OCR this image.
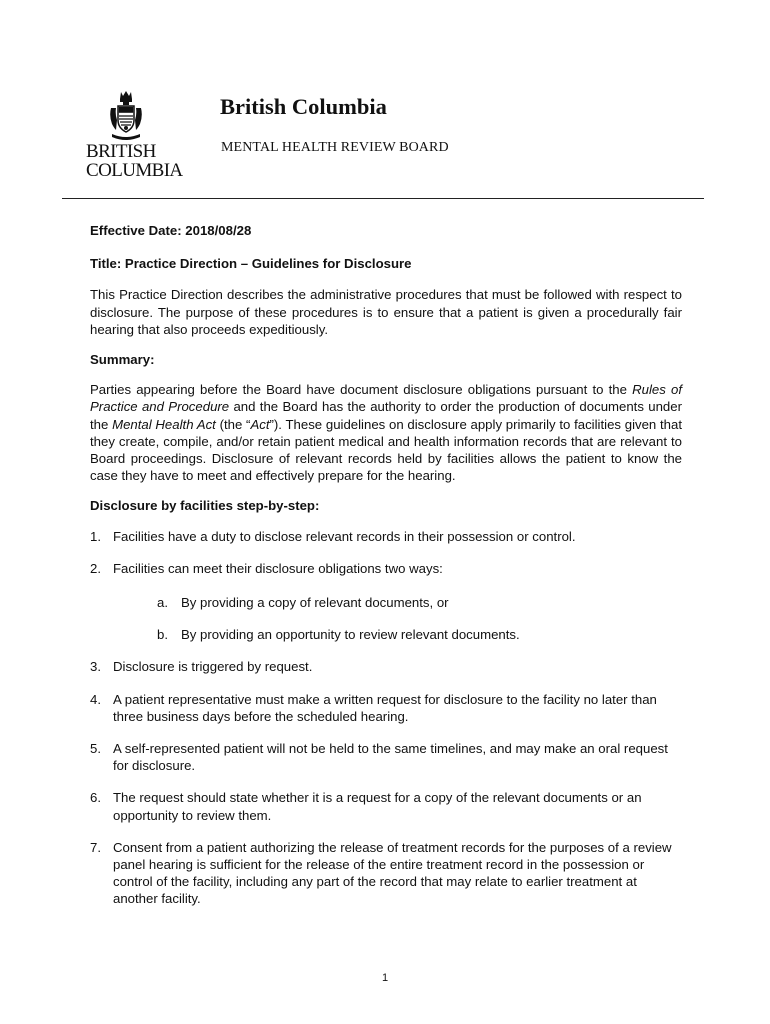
BRITISH
COLUMBIA
British Columbia
MENTAL HEALTH REVIEW BOARD

Effective Date: 2018/08/28

Title: Practice Direction – Guidelines for Disclosure

This Practice Direction describes the administrative procedures that must be followed with respect to disclosure. The purpose of these procedures is to ensure that a patient is given a procedurally fair hearing that also proceeds expeditiously.

Summary:

Parties appearing before the Board have document disclosure obligations pursuant to the Rules of Practice and Procedure and the Board has the authority to order the production of documents under the Mental Health Act (the “Act”). These guidelines on disclosure apply primarily to facilities given that they create, compile, and/or retain patient medical and health information records that are relevant to Board proceedings. Disclosure of relevant records held by facilities allows the patient to know the case they have to meet and effectively prepare for the hearing.

Disclosure by facilities step-by-step:

1. Facilities have a duty to disclose relevant records in their possession or control.
2. Facilities can meet their disclosure obligations two ways:
a. By providing a copy of relevant documents, or
b. By providing an opportunity to review relevant documents.
3. Disclosure is triggered by request.
4. A patient representative must make a written request for disclosure to the facility no later than three business days before the scheduled hearing.
5. A self-represented patient will not be held to the same timelines, and may make an oral request for disclosure.
6. The request should state whether it is a request for a copy of the relevant documents or an opportunity to review them.
7. Consent from a patient authorizing the release of treatment records for the purposes of a review panel hearing is sufficient for the release of the entire treatment record in the possession or control of the facility, including any part of the record that may relate to earlier treatment at another facility.
1
